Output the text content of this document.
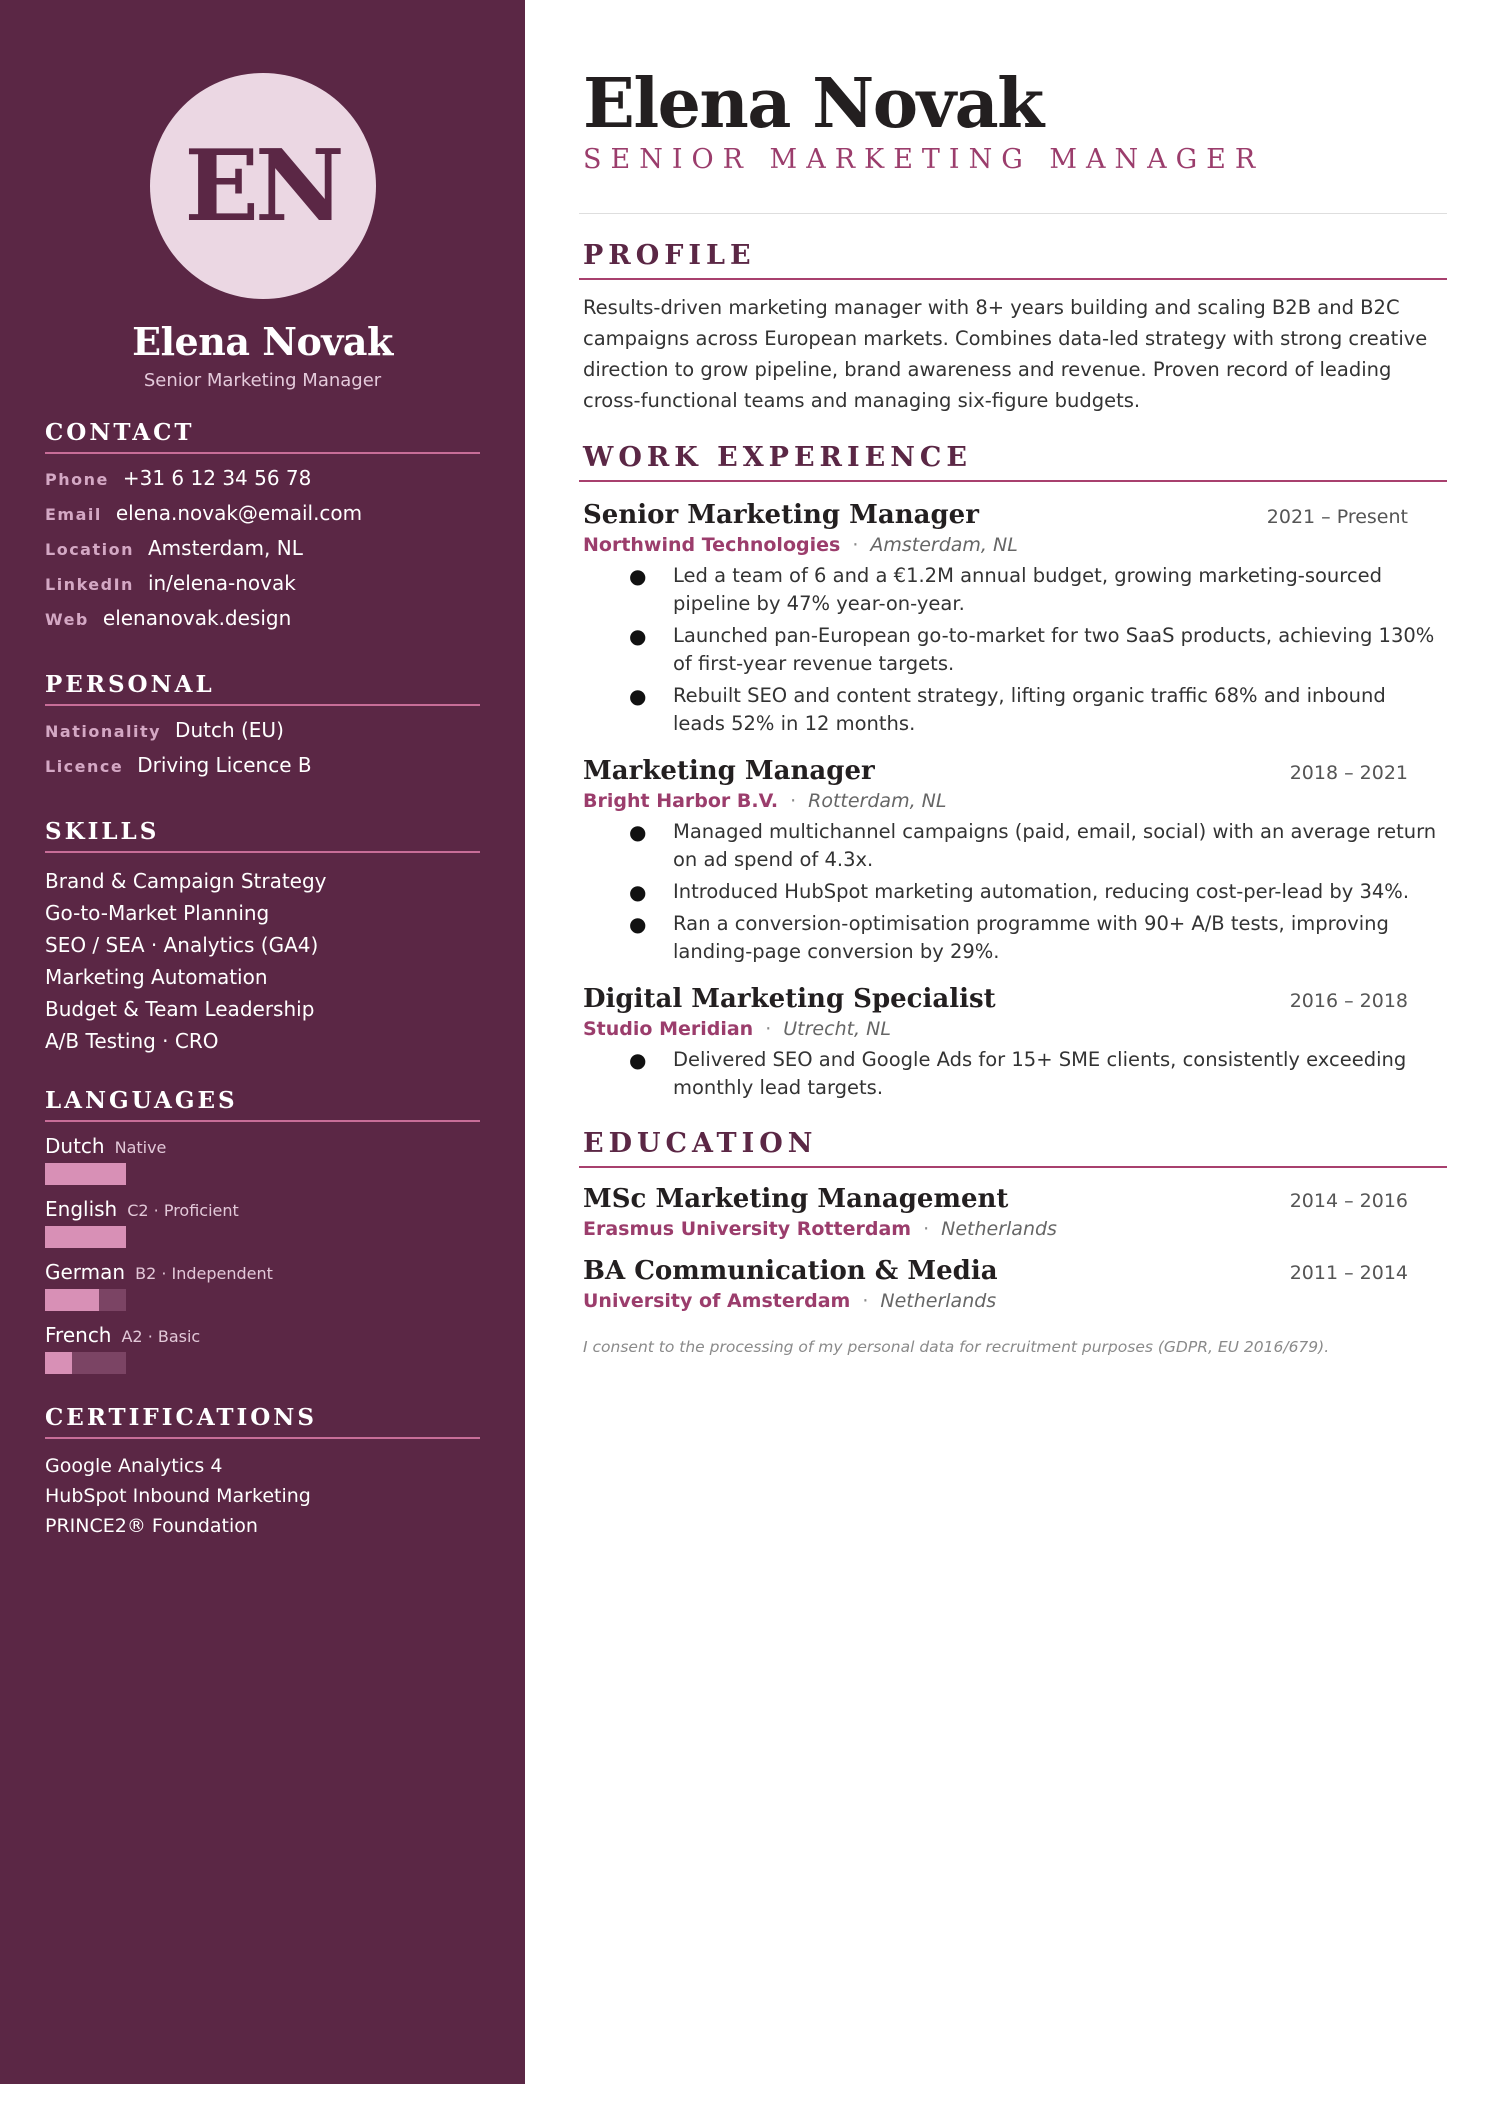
EN
Elena Novak
Senior Marketing Manager
CONTACT
Phone +31 6 12 34 56 78
Email elena.novak@email.com
Location Amsterdam, NL
LinkedIn in/elena-novak
Web elenanovak.design
PERSONAL
Nationality Dutch (EU)
Licence Driving Licence B
SKILLS
Brand & Campaign Strategy
Go-to-Market Planning
SEO / SEA · Analytics (GA4)
Marketing Automation
Budget & Team Leadership
A/B Testing · CRO
LANGUAGES
Dutch Native
English C2 · Proficient
German B2 · Independent
French A2 · Basic
CERTIFICATIONS
Google Analytics 4
HubSpot Inbound Marketing
PRINCE2® Foundation
Elena Novak
SENIOR MARKETING MANAGER
PROFILE
Results-driven marketing manager with 8+ years building and scaling B2B and B2C campaigns across European markets. Combines data-led strategy with strong creative direction to grow pipeline, brand awareness and revenue. Proven record of leading cross-functional teams and managing six-figure budgets.
WORK EXPERIENCE
Senior Marketing Manager	2021 – Present
Northwind Technologies · Amsterdam, NL
● Led a team of 6 and a €1.2M annual budget, growing marketing-sourced pipeline by 47% year-on-year.
● Launched pan-European go-to-market for two SaaS products, achieving 130% of first-year revenue targets.
● Rebuilt SEO and content strategy, lifting organic traffic 68% and inbound leads 52% in 12 months.
Marketing Manager	2018 – 2021
Bright Harbor B.V. · Rotterdam, NL
● Managed multichannel campaigns (paid, email, social) with an average return on ad spend of 4.3x.
● Introduced HubSpot marketing automation, reducing cost-per-lead by 34%.
● Ran a conversion-optimisation programme with 90+ A/B tests, improving landing-page conversion by 29%.
Digital Marketing Specialist	2016 – 2018
Studio Meridian · Utrecht, NL
● Delivered SEO and Google Ads for 15+ SME clients, consistently exceeding monthly lead targets.
EDUCATION
MSc Marketing Management	2014 – 2016
Erasmus University Rotterdam · Netherlands
BA Communication & Media	2011 – 2014
University of Amsterdam · Netherlands
I consent to the processing of my personal data for recruitment purposes (GDPR, EU 2016/679).
